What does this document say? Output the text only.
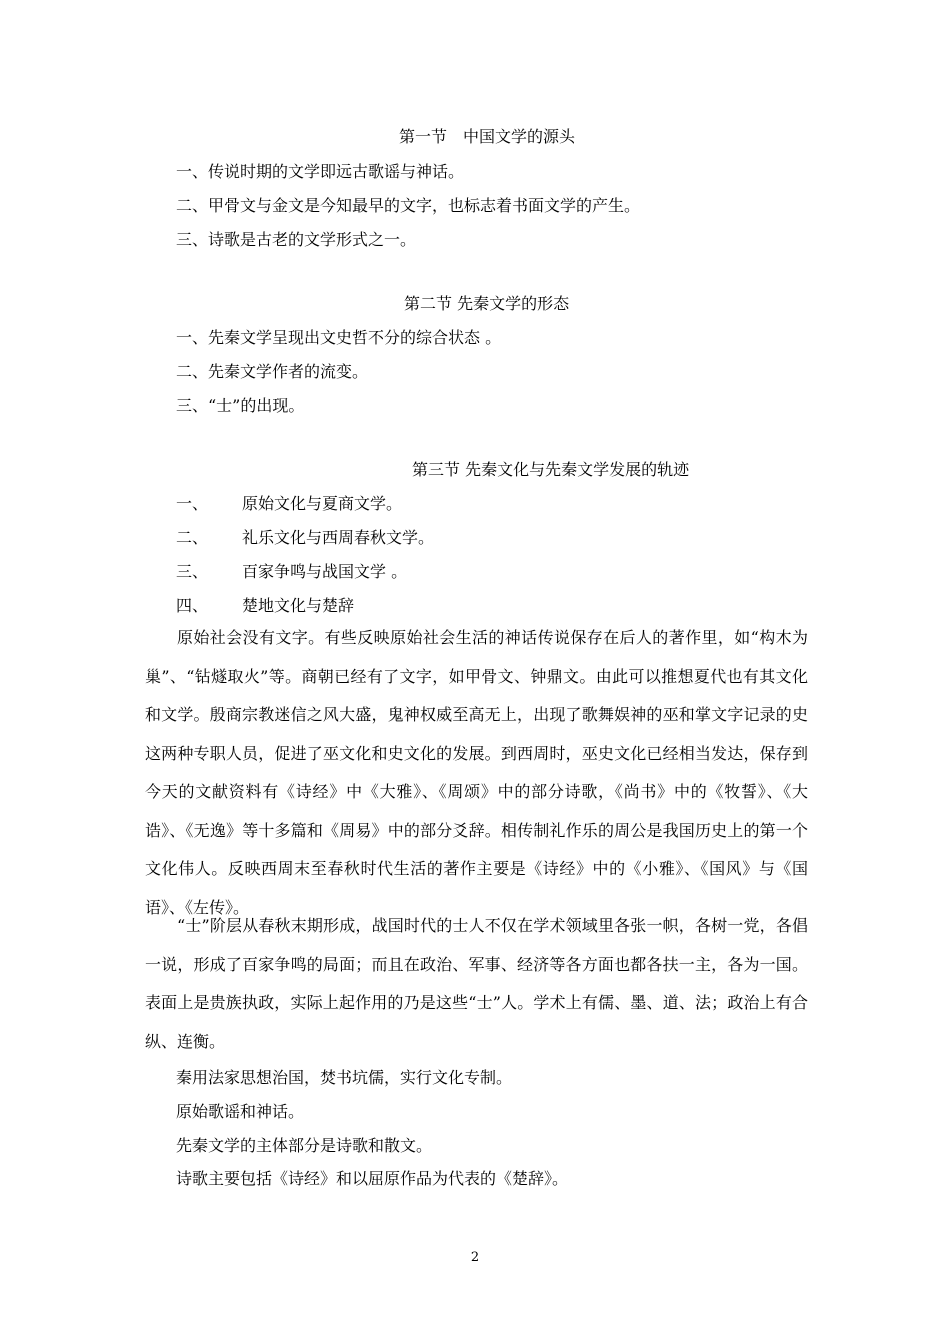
第一节　中国文学的源头
一、传说时期的文学即远古歌谣与神话。
二、甲骨文与金文是今知最早的文字，也标志着书面文学的产生。
三、诗歌是古老的文学形式之一。
第二节 先秦文学的形态
一、先秦文学呈现出文史哲不分的综合状态 。
二、先秦文学作者的流变。
三、“士”的出现。
第三节 先秦文化与先秦文学发展的轨迹
一、 原始文化与夏商文学。
二、 礼乐文化与西周春秋文学。
三、 百家争鸣与战国文学 。
四、 楚地文化与楚辞
原始社会没有文字。有些反映原始社会生活的神话传说保存在后人的著作里，如“构木为巢”、“钻燧取火”等。商朝已经有了文字，如甲骨文、钟鼎文。由此可以推想夏代也有其文化和文学。殷商宗教迷信之风大盛，鬼神权威至高无上，出现了歌舞娱神的巫和掌文字记录的史这两种专职人员，促进了巫文化和史文化的发展。到西周时，巫史文化已经相当发达，保存到今天的文献资料有《诗经》中《大雅》、《周颂》中的部分诗歌，《尚书》中的《牧誓》、《大诰》、《无逸》等十多篇和《周易》中的部分爻辞。相传制礼作乐的周公是我国历史上的第一个文化伟人。反映西周末至春秋时代生活的著作主要是《诗经》中的《小雅》、《国风》与《国语》、《左传》。
“士”阶层从春秋末期形成，战国时代的士人不仅在学术领域里各张一帜，各树一党，各倡一说，形成了百家争鸣的局面；而且在政治、军事、经济等各方面也都各扶一主，各为一国。表面上是贵族执政，实际上起作用的乃是这些“士”人。学术上有儒、墨、道、法；政治上有合纵、连衡。
秦用法家思想治国，焚书坑儒，实行文化专制。
原始歌谣和神话。
先秦文学的主体部分是诗歌和散文。
诗歌主要包括《诗经》和以屈原作品为代表的《楚辞》。
2
